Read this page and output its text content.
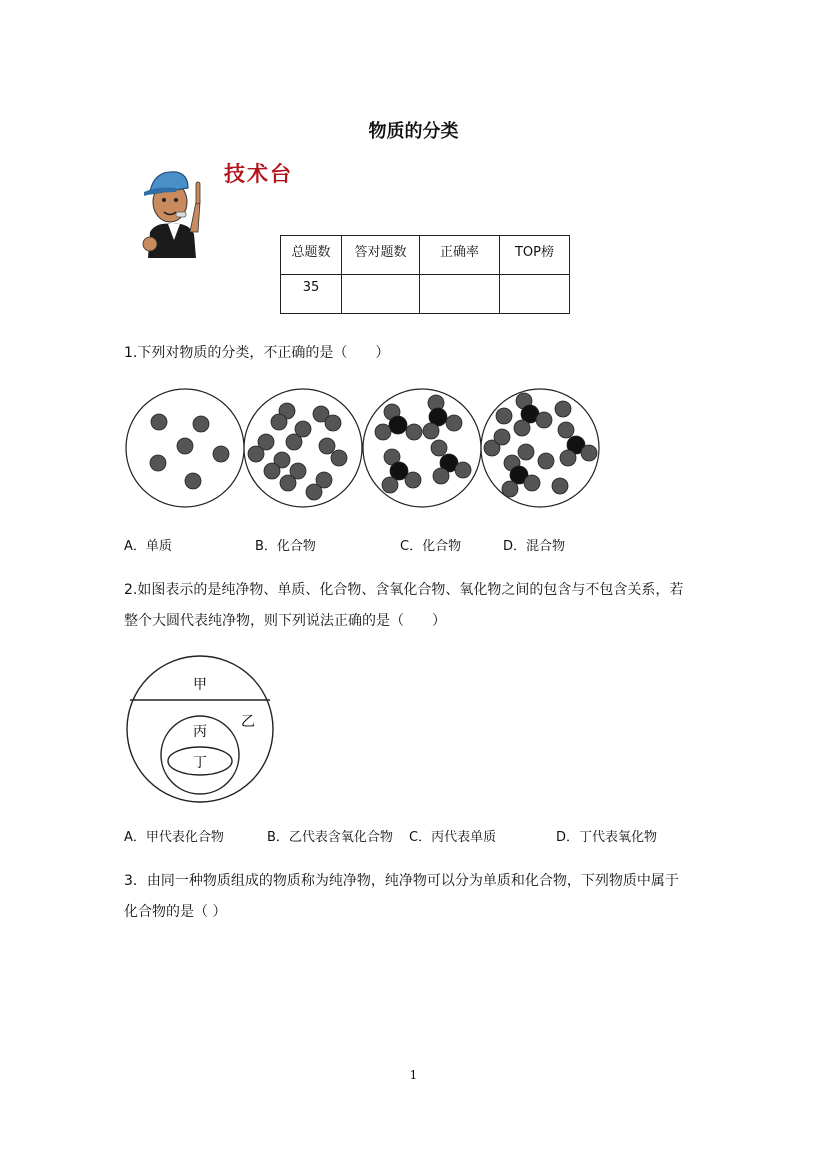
物质的分类
技术台
总题数	答对题数	正确率	TOP榜
35			
1.下列对物质的分类，不正确的是（　　）
A．单质	B．化合物	C．化合物	D．混合物
2.如图表示的是纯净物、单质、化合物、含氧化合物、氧化物之间的包含与不包含关系，若
整个大圆代表纯净物，则下列说法正确的是（　　）
甲
乙
丙
丁
A．甲代表化合物	B．乙代表含氧化合物 C．丙代表单质	D．丁代表氧化物
3．由同一种物质组成的物质称为纯净物，纯净物可以分为单质和化合物，下列物质中属于
化合物的是（ ）
1
